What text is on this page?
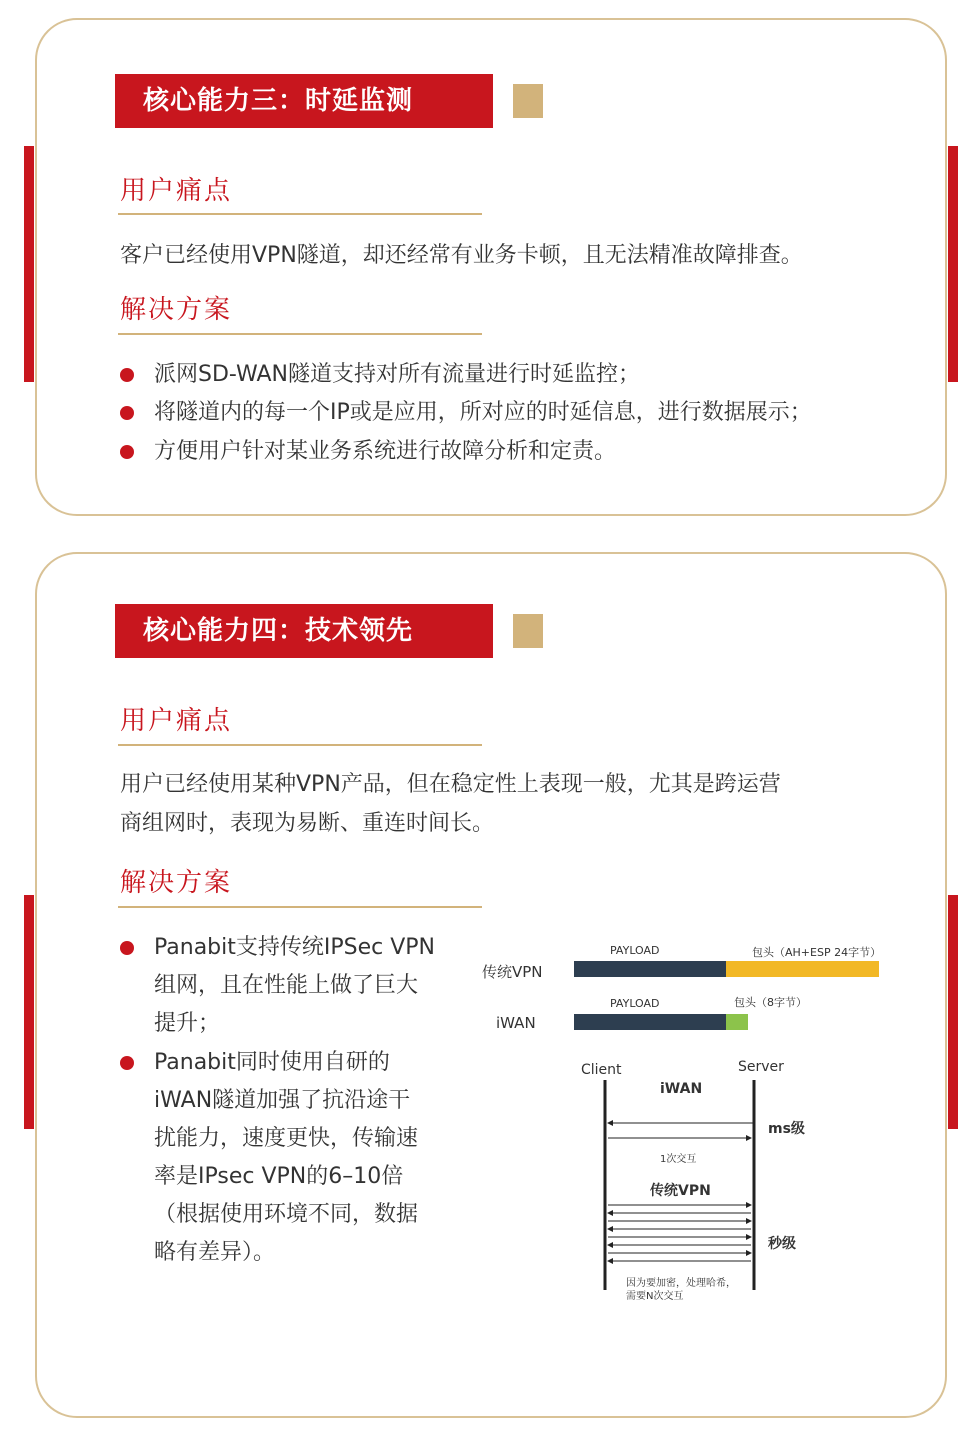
核心能力三：时延监测
用户痛点
客户已经使用VPN隧道，却还经常有业务卡顿，且无法精准故障排查。
解决方案
派网SD-WAN隧道支持对所有流量进行时延监控；
将隧道内的每一个IP或是应用，所对应的时延信息，进行数据展示；
方便用户针对某业务系统进行故障分析和定责。
核心能力四：技术领先
用户痛点
用户已经使用某种VPN产品，但在稳定性上表现一般，尤其是跨运营
商组网时，表现为易断、重连时间长。
解决方案
Panabit支持传统IPSec VPN
组网，且在性能上做了巨大
提升；
Panabit同时使用自研的
iWAN隧道加强了抗沿途干
扰能力，速度更快，传输速
率是IPsec VPN的6–10倍
（根据使用环境不同，数据
略有差异）。
PAYLOAD	包头（AH+ESP 24字节）
传统VPN
PAYLOAD	包头（8字节）
iWAN
Client	Server
iWAN
ms级
1次交互
传统VPN
秒级
因为要加密，处理哈希，
需要N次交互
